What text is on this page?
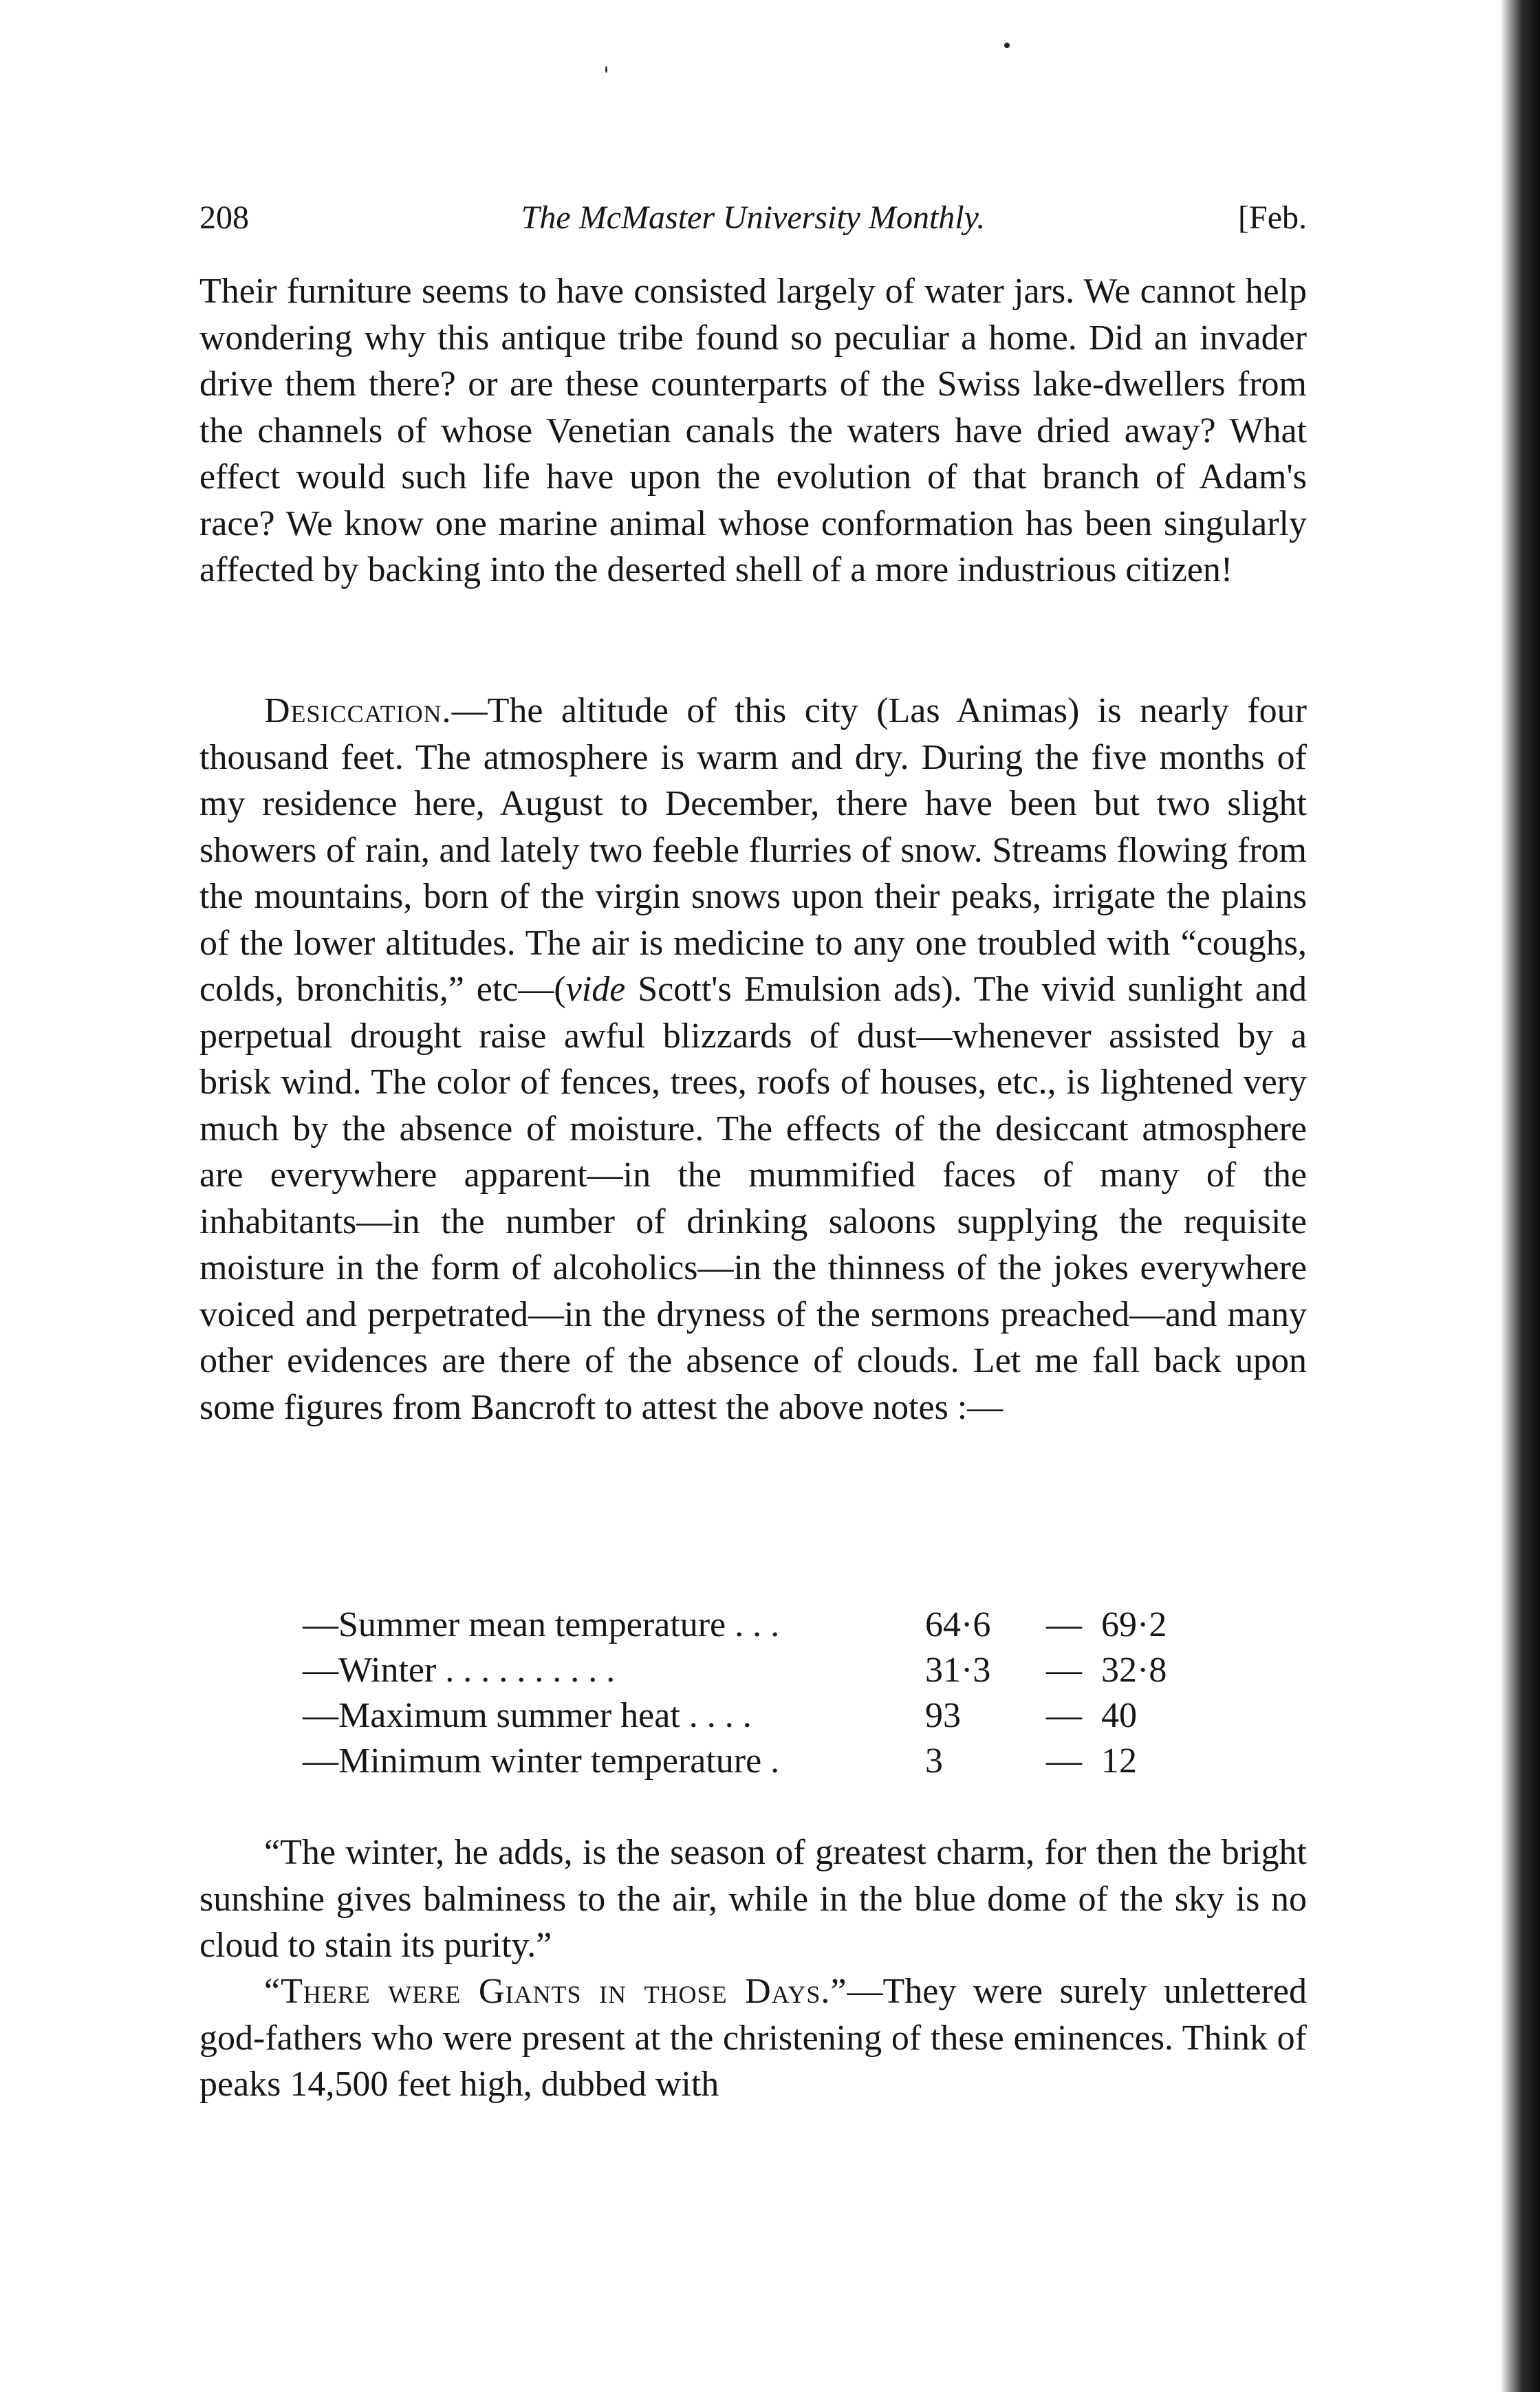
208	The McMaster University Monthly.	[Feb.

Their furniture seems to have consisted largely of water jars. We cannot help wondering why this antique tribe found so peculiar a home. Did an invader drive them there? or are these counterparts of the Swiss lake-dwellers from the channels of whose Venetian canals the waters have dried away? What effect would such life have upon the evolution of that branch of Adam's race? We know one marine animal whose conformation has been singularly affected by backing into the deserted shell of a more industrious citizen!

Desiccation.—The altitude of this city (Las Animas) is nearly four thousand feet. The atmosphere is warm and dry. During the five months of my residence here, August to December, there have been but two slight showers of rain, and lately two feeble flurries of snow. Streams flowing from the mountains, born of the virgin snows upon their peaks, irrigate the plains of the lower altitudes. The air is medicine to any one troubled with “coughs, colds, bronchitis,” etc—(vide Scott's Emulsion ads). The vivid sunlight and perpetual drought raise awful blizzards of dust—whenever assisted by a brisk wind. The color of fences, trees, roofs of houses, etc., is lightened very much by the absence of moisture. The effects of the desiccant atmosphere are everywhere apparent—in the mummified faces of many of the inhabitants—in the number of drinking saloons supplying the requisite moisture in the form of alcoholics—in the thinness of the jokes everywhere voiced and perpetrated—in the dryness of the sermons preached—and many other evidences are there of the absence of clouds. Let me fall back upon some figures from Bancroft to attest the above notes :—

—Summer mean temperature . . .	64·6	—	69·2
—Winter . . . . . . . . . .	31·3	—	32·8
—Maximum summer heat . . . .	93	—	40
—Minimum winter temperature .	3	—	12

“The winter, he adds, is the season of greatest charm, for then the bright sunshine gives balminess to the air, while in the blue dome of the sky is no cloud to stain its purity.”

“There were Giants in those Days.”—They were surely unlettered god-fathers who were present at the christening of these eminences. Think of peaks 14,500 feet high, dubbed with
